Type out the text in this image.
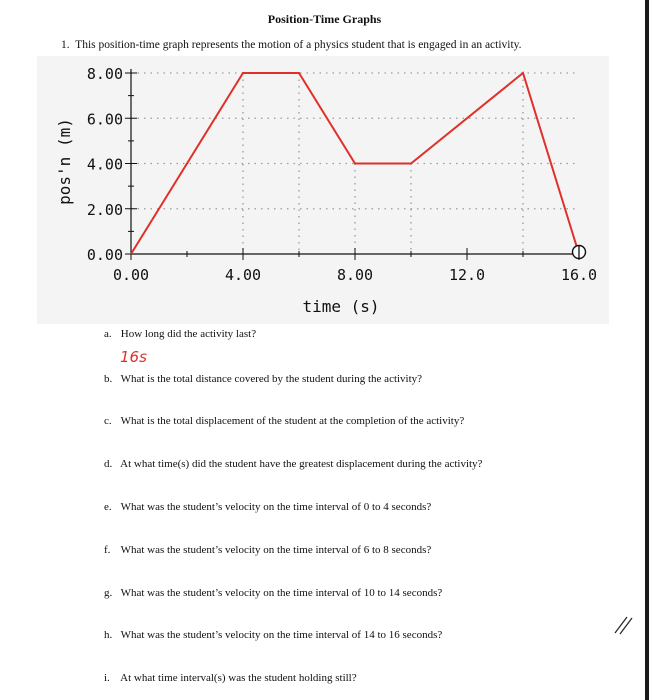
Position-Time Graphs
1. This position-time graph represents the motion of a physics student that is engaged in an activity.
0.00
2.00
4.00
6.00
8.00
0.00	4.00	8.00	12.0	16.0
time (s)
pos'n (m)
a. How long did the activity last?
16s
b. What is the total distance covered by the student during the activity?
c. What is the total displacement of the student at the completion of the activity?
d. At what time(s) did the student have the greatest displacement during the activity?
e. What was the student’s velocity on the time interval of 0 to 4 seconds?
f. What was the student’s velocity on the time interval of 6 to 8 seconds?
g. What was the student’s velocity on the time interval of 10 to 14 seconds?
h. What was the student’s velocity on the time interval of 14 to 16 seconds?
i. At what time interval(s) was the student holding still?
